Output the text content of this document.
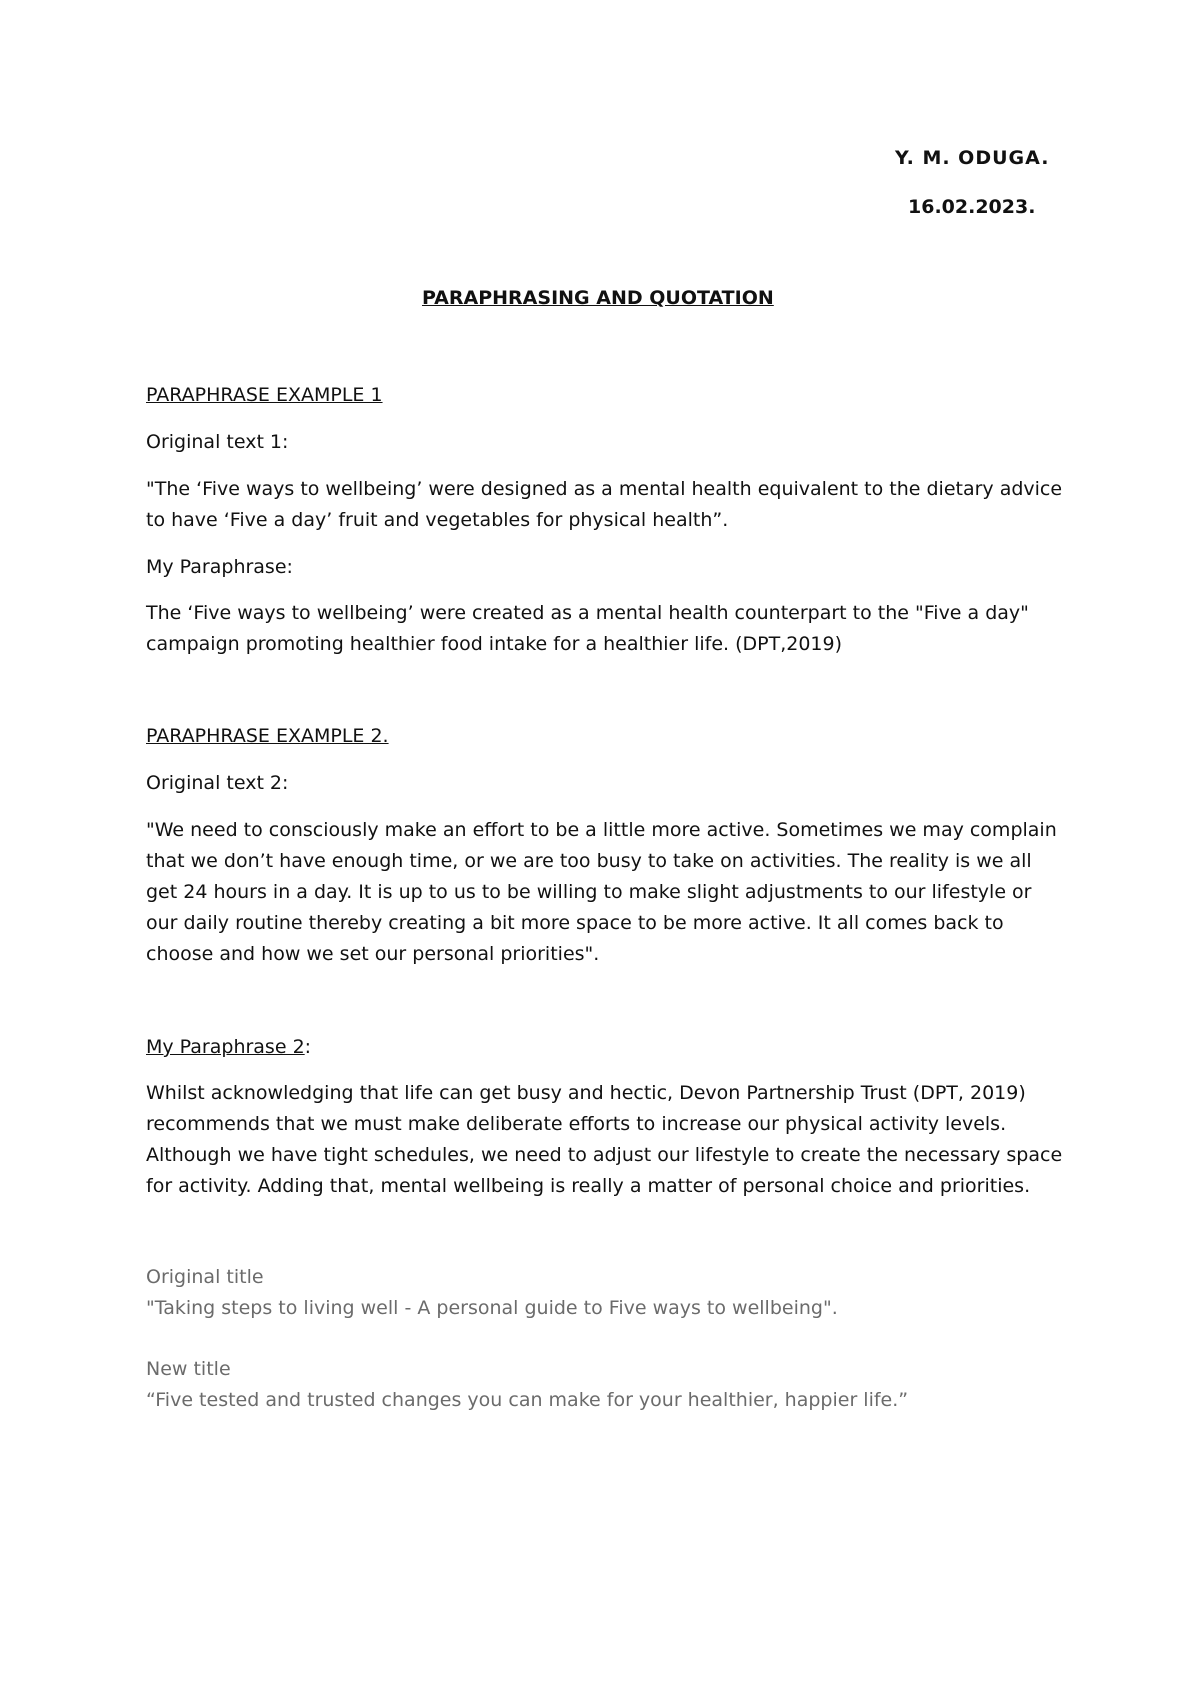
Y. M. ODUGA.
16.02.2023.
PARAPHRASING AND QUOTATION

PARAPHRASE EXAMPLE 1

Original text 1:

"The ‘Five ways to wellbeing’ were designed as a mental health equivalent to the dietary advice to have ‘Five a day’ fruit and vegetables for physical health”.

My Paraphrase:

The ‘Five ways to wellbeing’ were created as a mental health counterpart to the "Five a day" campaign promoting healthier food intake for a healthier life. (DPT,2019)

PARAPHRASE EXAMPLE 2.

Original text 2:

"We need to consciously make an effort to be a little more active. Sometimes we may complain that we don’t have enough time, or we are too busy to take on activities. The reality is we all get 24 hours in a day. It is up to us to be willing to make slight adjustments to our lifestyle or our daily routine thereby creating a bit more space to be more active. It all comes back to choose and how we set our personal priorities".

My Paraphrase 2:

Whilst acknowledging that life can get busy and hectic, Devon Partnership Trust (DPT, 2019) recommends that we must make deliberate efforts to increase our physical activity levels. Although we have tight schedules, we need to adjust our lifestyle to create the necessary space for activity. Adding that, mental wellbeing is really a matter of personal choice and priorities.

Original title

"Taking steps to living well - A personal guide to Five ways to wellbeing".

New title

“Five tested and trusted changes you can make for your healthier, happier life.”
